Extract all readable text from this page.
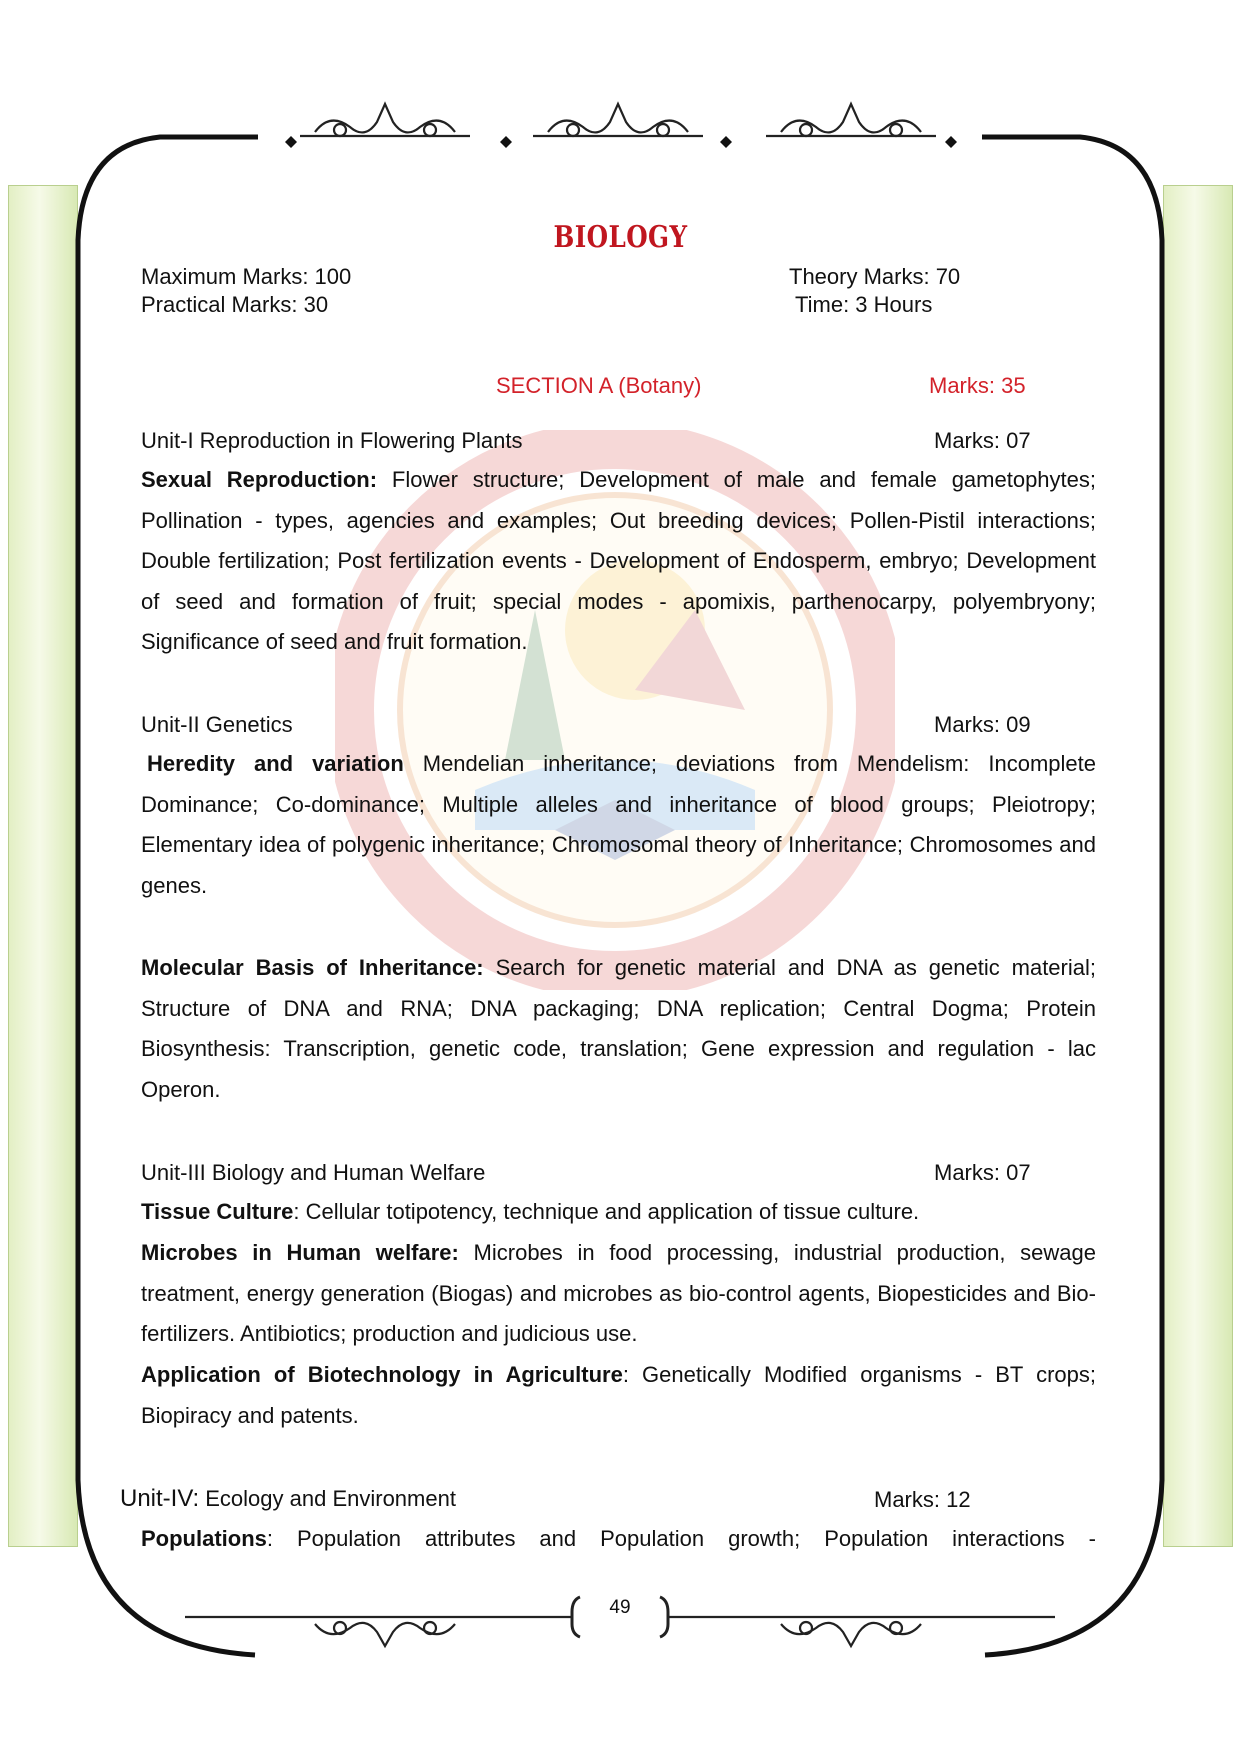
BIOLOGY
Maximum Marks: 100	Theory Marks: 70
Practical Marks: 30	Time: 3 Hours
SECTION A (Botany)	Marks: 35
Unit-I Reproduction in Flowering Plants	Marks: 07
Sexual Reproduction: Flower structure; Development of male and female gametophytes; Pollination - types, agencies and examples; Out breeding devices; Pollen-Pistil interactions; Double fertilization; Post fertilization events - Development of Endosperm, embryo; Development of seed and formation of fruit; special modes - apomixis, parthenocarpy, polyembryony; Significance of seed and fruit formation.
Unit-II Genetics	Marks: 09
Heredity and variation Mendelian inheritance; deviations from Mendelism: Incomplete Dominance; Co-dominance; Multiple alleles and inheritance of blood groups; Pleiotropy; Elementary idea of polygenic inheritance; Chromosomal theory of Inheritance; Chromosomes and genes.
Molecular Basis of Inheritance: Search for genetic material and DNA as genetic material; Structure of DNA and RNA; DNA packaging; DNA replication; Central Dogma; Protein Biosynthesis: Transcription, genetic code, translation; Gene expression and regulation - lac Operon.
Unit-III Biology and Human Welfare	Marks: 07
Tissue Culture: Cellular totipotency, technique and application of tissue culture.
Microbes in Human welfare: Microbes in food processing, industrial production, sewage treatment, energy generation (Biogas) and microbes as bio-control agents, Biopesticides and Bio-fertilizers. Antibiotics; production and judicious use.
Application of Biotechnology in Agriculture: Genetically Modified organisms - BT crops; Biopiracy and patents.
Unit-IV: Ecology and Environment	Marks: 12
Populations: Population attributes and Population growth; Population interactions -
49
